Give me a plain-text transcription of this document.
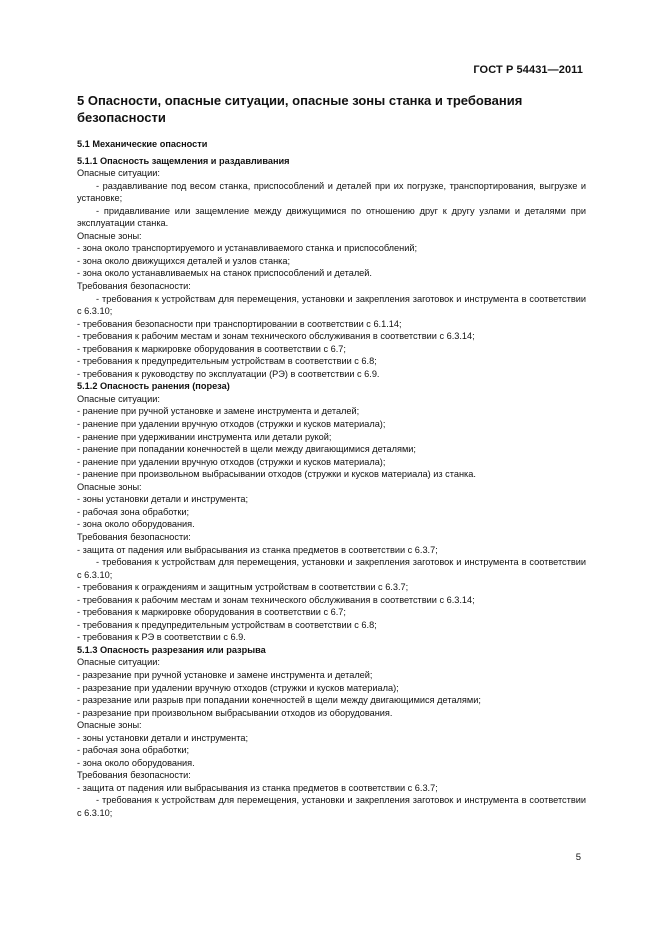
ГОСТ Р 54431—2011
5 Опасности, опасные ситуации, опасные зоны станка и требования безопасности
5.1 Механические опасности
5.1.1 Опасность защемления и раздавливания
Опасные ситуации:
- раздавливание под весом станка, приспособлений и деталей при их погрузке, транспортирования, выгрузке и установке;
- придавливание или защемление между движущимися по отношению друг к другу узлами и деталями при эксплуатации станка.
Опасные зоны:
- зона около транспортируемого и устанавливаемого станка и приспособлений;
- зона около движущихся деталей и узлов станка;
- зона около устанавливаемых на станок приспособлений и деталей.
Требования безопасности:
- требования к устройствам для перемещения, установки и закрепления заготовок и инструмента в соответствии с 6.3.10;
- требования безопасности при транспортировании в соответствии с 6.1.14;
- требования к рабочим местам и зонам технического обслуживания в соответствии с 6.3.14;
- требования к маркировке оборудования в соответствии с 6.7;
- требования к предупредительным устройствам в соответствии с 6.8;
- требования к руководству по эксплуатации (РЭ) в соответствии с 6.9.
5.1.2 Опасность ранения (пореза)
Опасные ситуации:
- ранение при ручной установке и замене инструмента и деталей;
- ранение при удалении вручную отходов (стружки и кусков материала);
- ранение при удерживании инструмента или детали рукой;
- ранение при попадании конечностей в щели между двигающимися деталями;
- ранение при удалении вручную отходов (стружки и кусков материала);
- ранение при произвольном выбрасывании отходов (стружки и кусков материала) из станка.
Опасные зоны:
- зоны установки детали и инструмента;
- рабочая зона обработки;
- зона около оборудования.
Требования безопасности:
- защита от падения или выбрасывания из станка предметов в соответствии с 6.3.7;
- требования к устройствам для перемещения, установки и закрепления заготовок и инструмента в соответствии с 6.3.10;
- требования к ограждениям и защитным устройствам в соответствии с 6.3.7;
- требования к рабочим местам и зонам технического обслуживания в соответствии с 6.3.14;
- требования к маркировке оборудования в соответствии с 6.7;
- требования к предупредительным устройствам в соответствии с 6.8;
- требования к РЭ в соответствии с 6.9.
5.1.3 Опасность разрезания или разрыва
Опасные ситуации:
- разрезание при ручной установке и замене инструмента и деталей;
- разрезание при удалении вручную отходов (стружки и кусков материала);
- разрезание или разрыв при попадании конечностей в щели между двигающимися деталями;
- разрезание при произвольном выбрасывании отходов из оборудования.
Опасные зоны:
- зоны установки детали и инструмента;
- рабочая зона обработки;
- зона около оборудования.
Требования безопасности:
- защита от падения или выбрасывания из станка предметов в соответствии с 6.3.7;
- требования к устройствам для перемещения, установки и закрепления заготовок и инструмента в соответствии с 6.3.10;
5
